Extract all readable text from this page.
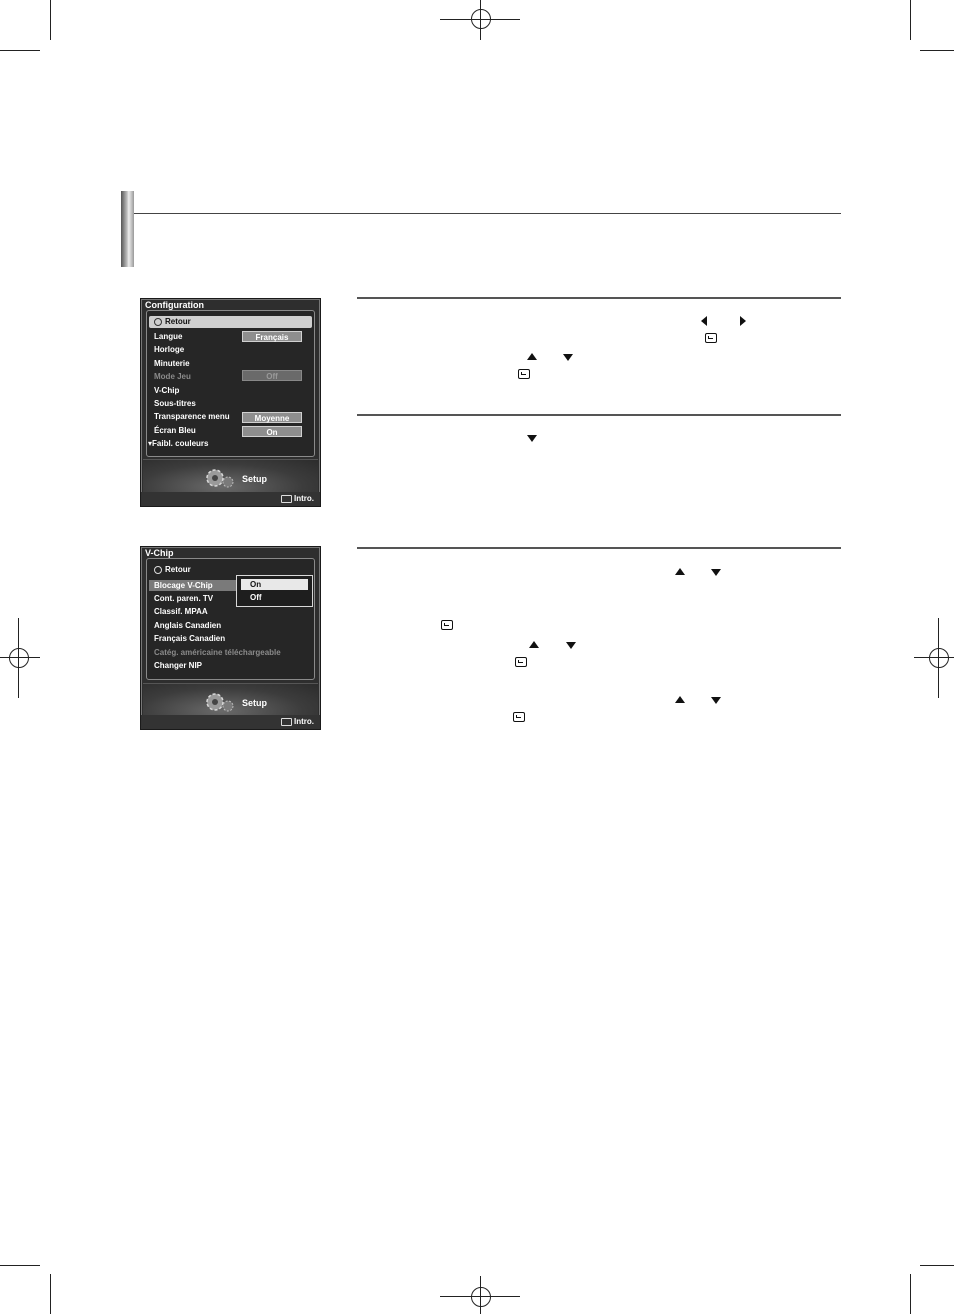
Configuration
Retour
Langue
Horloge
Minuterie
Mode Jeu
V-Chip
Sous-titres
Transparence menu
Écran Bleu
▾Faibl. couleurs
Français
Off
Moyenne
On
Setup
Intro.
V-Chip
Retour
Blocage V-Chip
Cont. paren. TV
Classif. MPAA
Anglais Canadien
Français Canadien
Catég. américaine téléchargeable
Changer NIP
On
Off
Setup
Intro.
